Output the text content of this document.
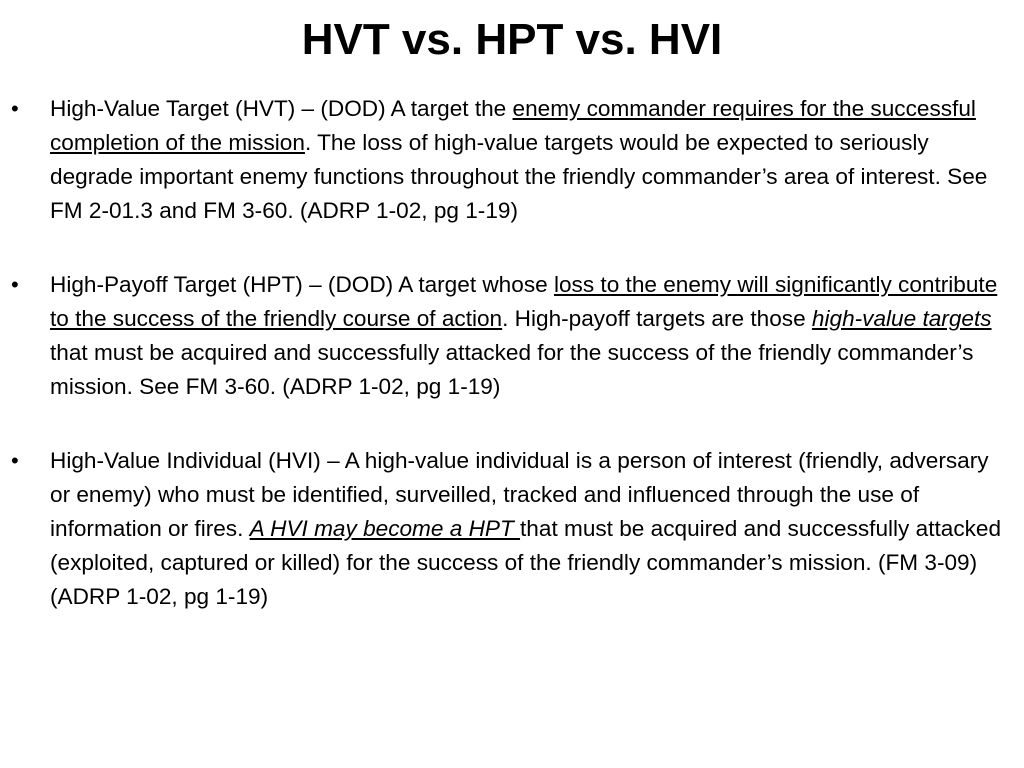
HVT vs. HPT vs. HVI
•	High-Value Target (HVT) – (DOD) A target the enemy commander requires for the successful completion of the mission. The loss of high-value targets would be expected to seriously degrade important enemy functions throughout the friendly commander’s area of interest. See FM 2-01.3 and FM 3-60. (ADRP 1-02, pg 1-19)
•	High-Payoff Target (HPT) – (DOD) A target whose loss to the enemy will significantly contribute to the success of the friendly course of action. High-payoff targets are those high-value targets that must be acquired and successfully attacked for the success of the friendly commander’s mission. See FM 3-60. (ADRP 1-02, pg 1-19)
•	High-Value Individual (HVI) – A high-value individual is a person of interest (friendly, adversary or enemy) who must be identified, surveilled, tracked and influenced through the use of information or fires. A HVI may become a HPT that must be acquired and successfully attacked (exploited, captured or killed) for the success of the friendly commander’s mission. (FM 3-09) (ADRP 1-02, pg 1-19)
